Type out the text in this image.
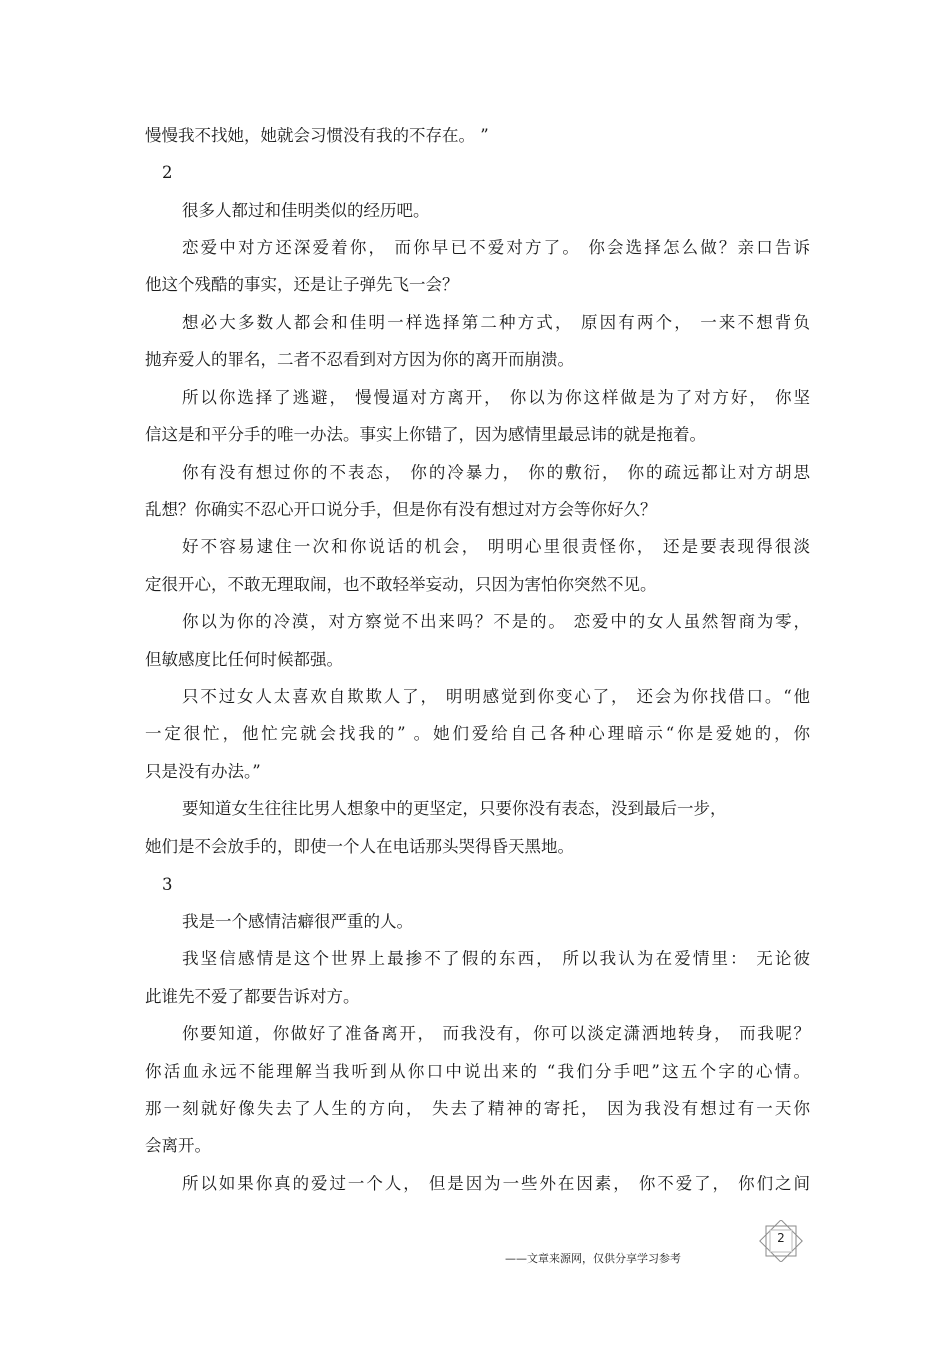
慢慢我不找她，她就会习惯没有我的不存在。 ”
2
很多人都过和佳明类似的经历吧。
恋爱中对方还深爱着你， 而你早已不爱对方了。 你会选择怎么做？亲口告诉
他这个残酷的事实，还是让子弹先飞一会？
想必大多数人都会和佳明一样选择第二种方式， 原因有两个， 一来不想背负
抛弃爱人的罪名，二者不忍看到对方因为你的离开而崩溃。
所以你选择了逃避， 慢慢逼对方离开， 你以为你这样做是为了对方好， 你坚
信这是和平分手的唯一办法。事实上你错了，因为感情里最忌讳的就是拖着。
你有没有想过你的不表态， 你的冷暴力， 你的敷衍， 你的疏远都让对方胡思
乱想？你确实不忍心开口说分手，但是你有没有想过对方会等你好久？
好不容易逮住一次和你说话的机会， 明明心里很责怪你， 还是要表现得很淡
定很开心，不敢无理取闹，也不敢轻举妄动，只因为害怕你突然不见。
你以为你的冷漠，对方察觉不出来吗？不是的。 恋爱中的女人虽然智商为零，
但敏感度比任何时候都强。
只不过女人太喜欢自欺欺人了， 明明感觉到你变心了， 还会为你找借口。“他
一定很忙，他忙完就会找我的” 。她们爱给自己各种心理暗示“你是爱她的，你
只是没有办法。”
要知道女生往往比男人想象中的更坚定，只要你没有表态，没到最后一步，
她们是不会放手的，即使一个人在电话那头哭得昏天黑地。
3
我是一个感情洁癖很严重的人。
我坚信感情是这个世界上最掺不了假的东西， 所以我认为在爱情里： 无论彼
此谁先不爱了都要告诉对方。
你要知道，你做好了准备离开， 而我没有，你可以淡定潇洒地转身， 而我呢？
你活血永远不能理解当我听到从你口中说出来的 “我们分手吧”这五个字的心情。
那一刻就好像失去了人生的方向， 失去了精神的寄托， 因为我没有想过有一天你
会离开。
所以如果你真的爱过一个人， 但是因为一些外在因素， 你不爱了， 你们之间
2
——文章来源网，仅供分享学习参考
